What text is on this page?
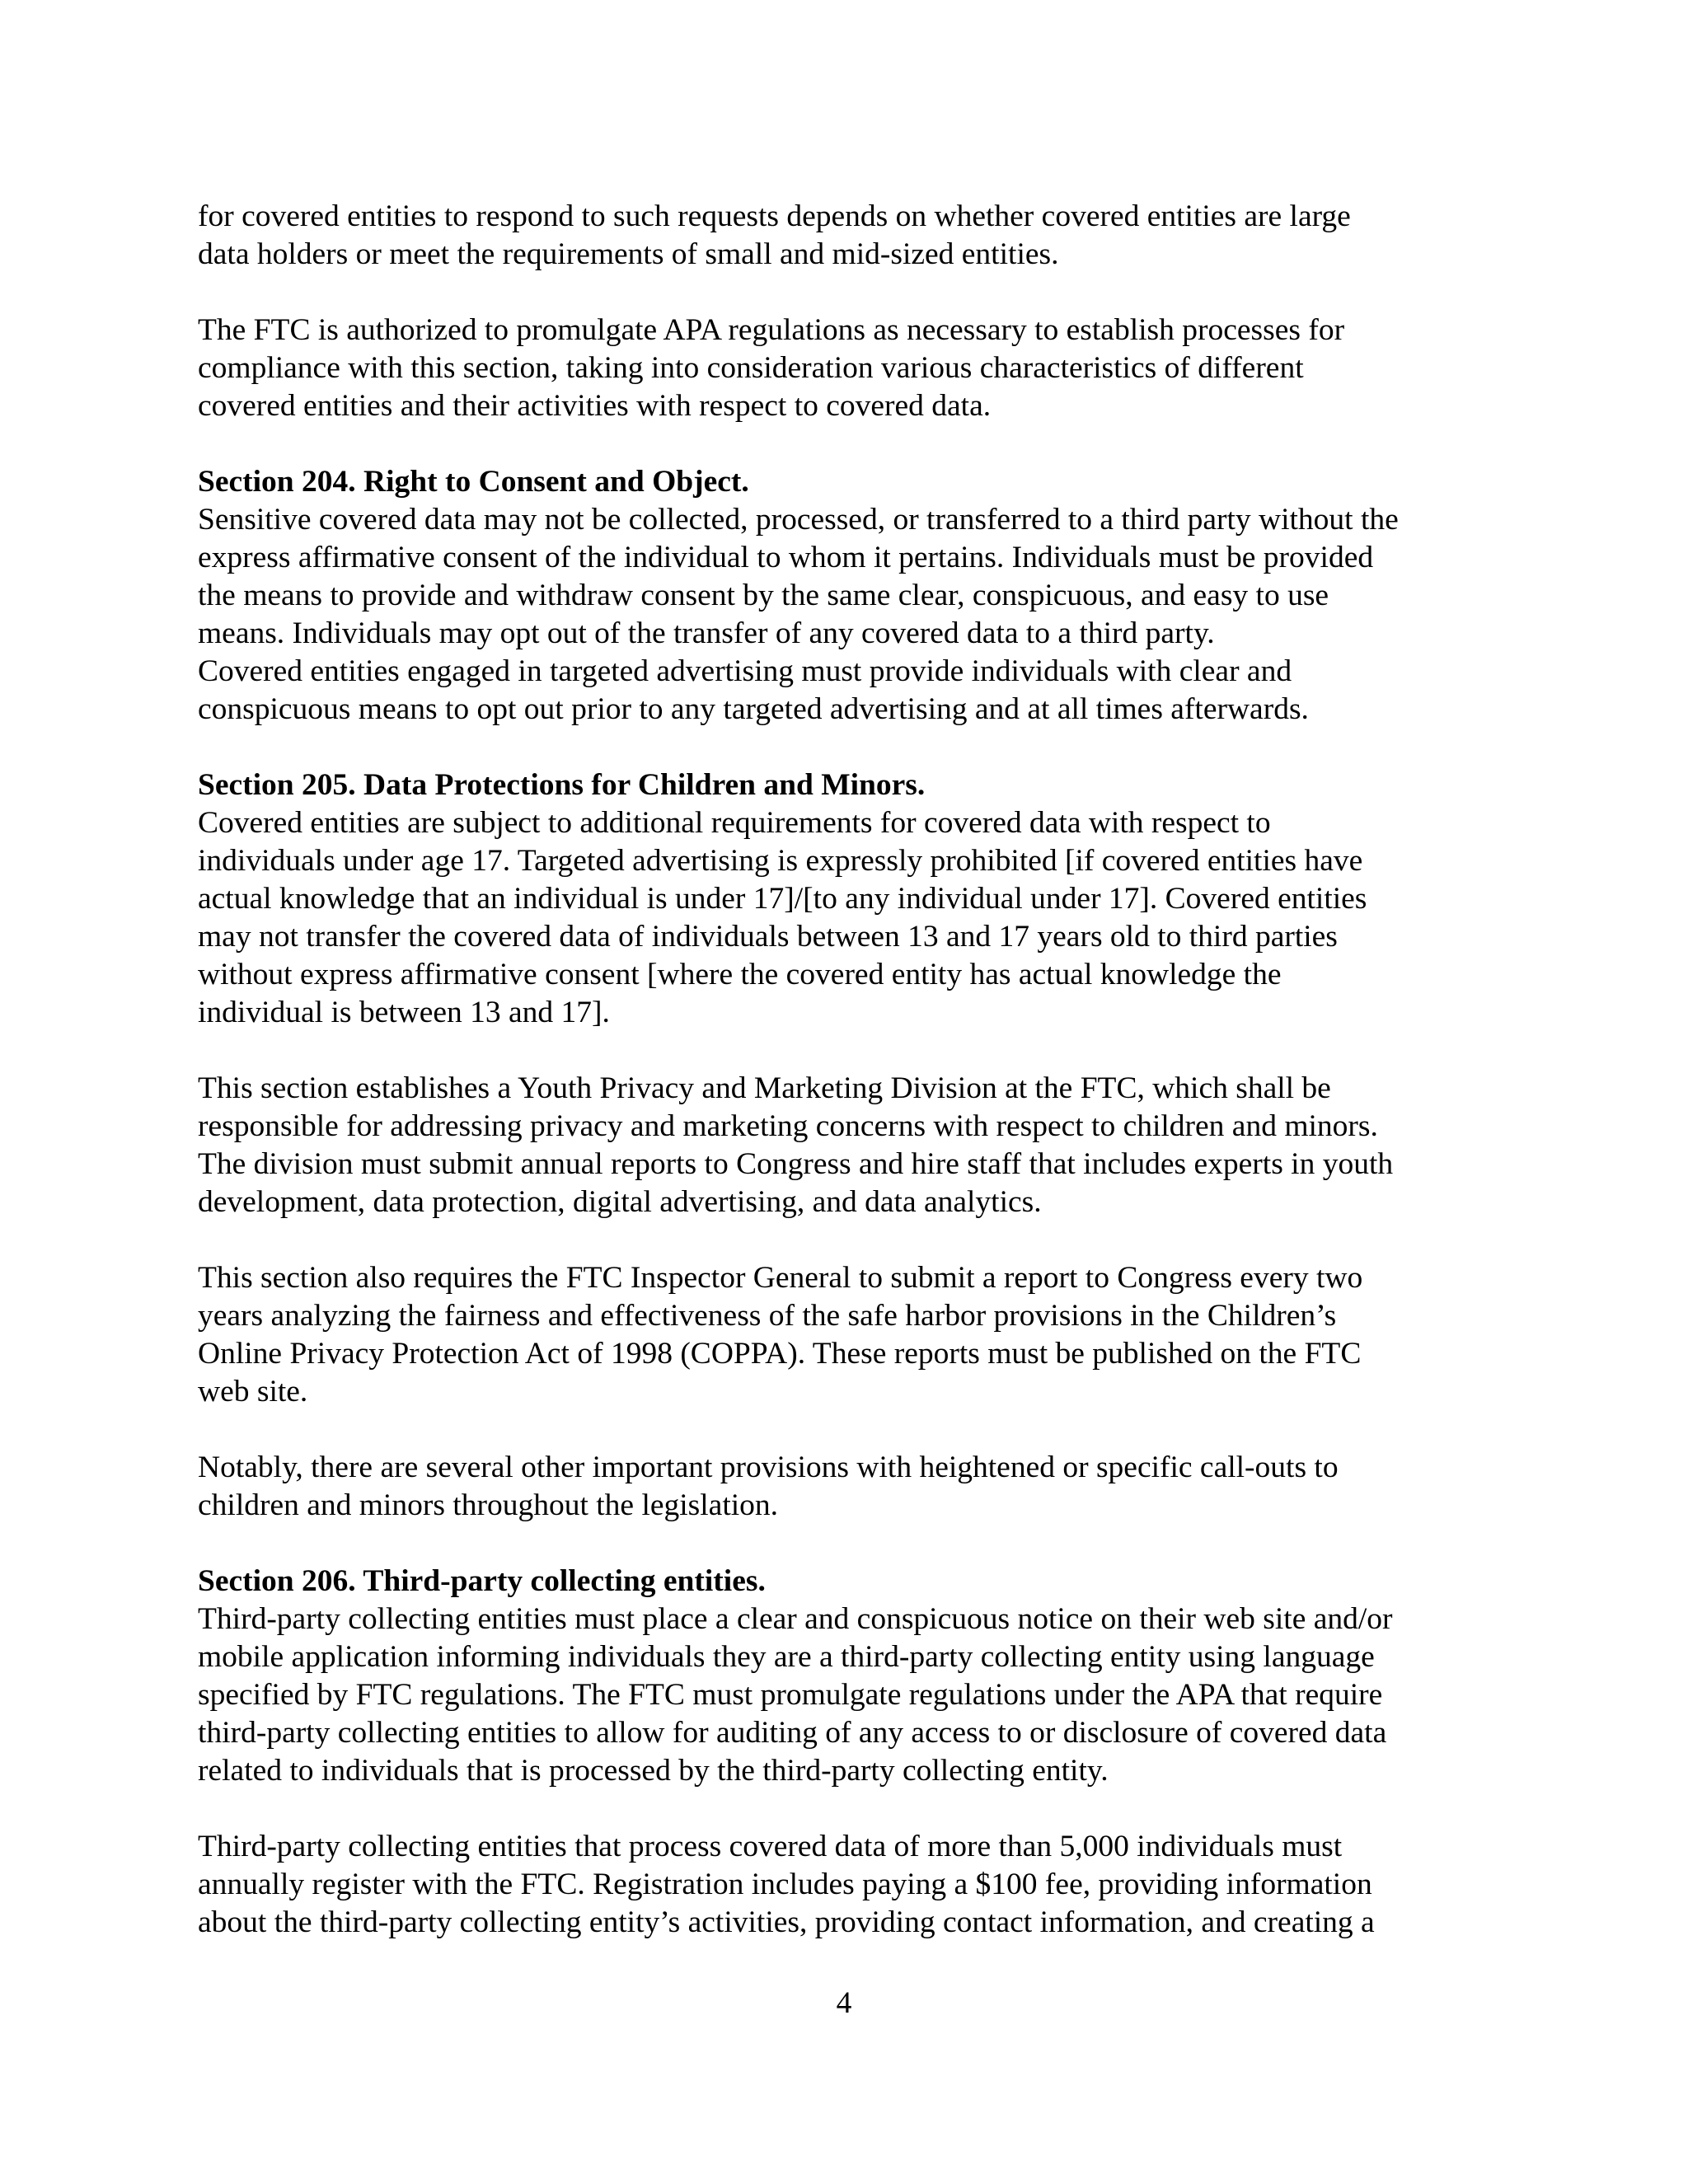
for covered entities to respond to such requests depends on whether covered entities are large
data holders or meet the requirements of small and mid-sized entities.
The FTC is authorized to promulgate APA regulations as necessary to establish processes for
compliance with this section, taking into consideration various characteristics of different
covered entities and their activities with respect to covered data.
Section 204. Right to Consent and Object.
Sensitive covered data may not be collected, processed, or transferred to a third party without the
express affirmative consent of the individual to whom it pertains. Individuals must be provided
the means to provide and withdraw consent by the same clear, conspicuous, and easy to use
means. Individuals may opt out of the transfer of any covered data to a third party.
Covered entities engaged in targeted advertising must provide individuals with clear and
conspicuous means to opt out prior to any targeted advertising and at all times afterwards.
Section 205. Data Protections for Children and Minors.
Covered entities are subject to additional requirements for covered data with respect to
individuals under age 17. Targeted advertising is expressly prohibited [if covered entities have
actual knowledge that an individual is under 17]/[to any individual under 17]. Covered entities
may not transfer the covered data of individuals between 13 and 17 years old to third parties
without express affirmative consent [where the covered entity has actual knowledge the
individual is between 13 and 17].
This section establishes a Youth Privacy and Marketing Division at the FTC, which shall be
responsible for addressing privacy and marketing concerns with respect to children and minors.
The division must submit annual reports to Congress and hire staff that includes experts in youth
development, data protection, digital advertising, and data analytics.
This section also requires the FTC Inspector General to submit a report to Congress every two
years analyzing the fairness and effectiveness of the safe harbor provisions in the Children’s
Online Privacy Protection Act of 1998 (COPPA). These reports must be published on the FTC
web site.
Notably, there are several other important provisions with heightened or specific call-outs to
children and minors throughout the legislation.
Section 206. Third-party collecting entities.
Third-party collecting entities must place a clear and conspicuous notice on their web site and/or
mobile application informing individuals they are a third-party collecting entity using language
specified by FTC regulations. The FTC must promulgate regulations under the APA that require
third-party collecting entities to allow for auditing of any access to or disclosure of covered data
related to individuals that is processed by the third-party collecting entity.
Third-party collecting entities that process covered data of more than 5,000 individuals must
annually register with the FTC. Registration includes paying a $100 fee, providing information
about the third-party collecting entity’s activities, providing contact information, and creating a
4
